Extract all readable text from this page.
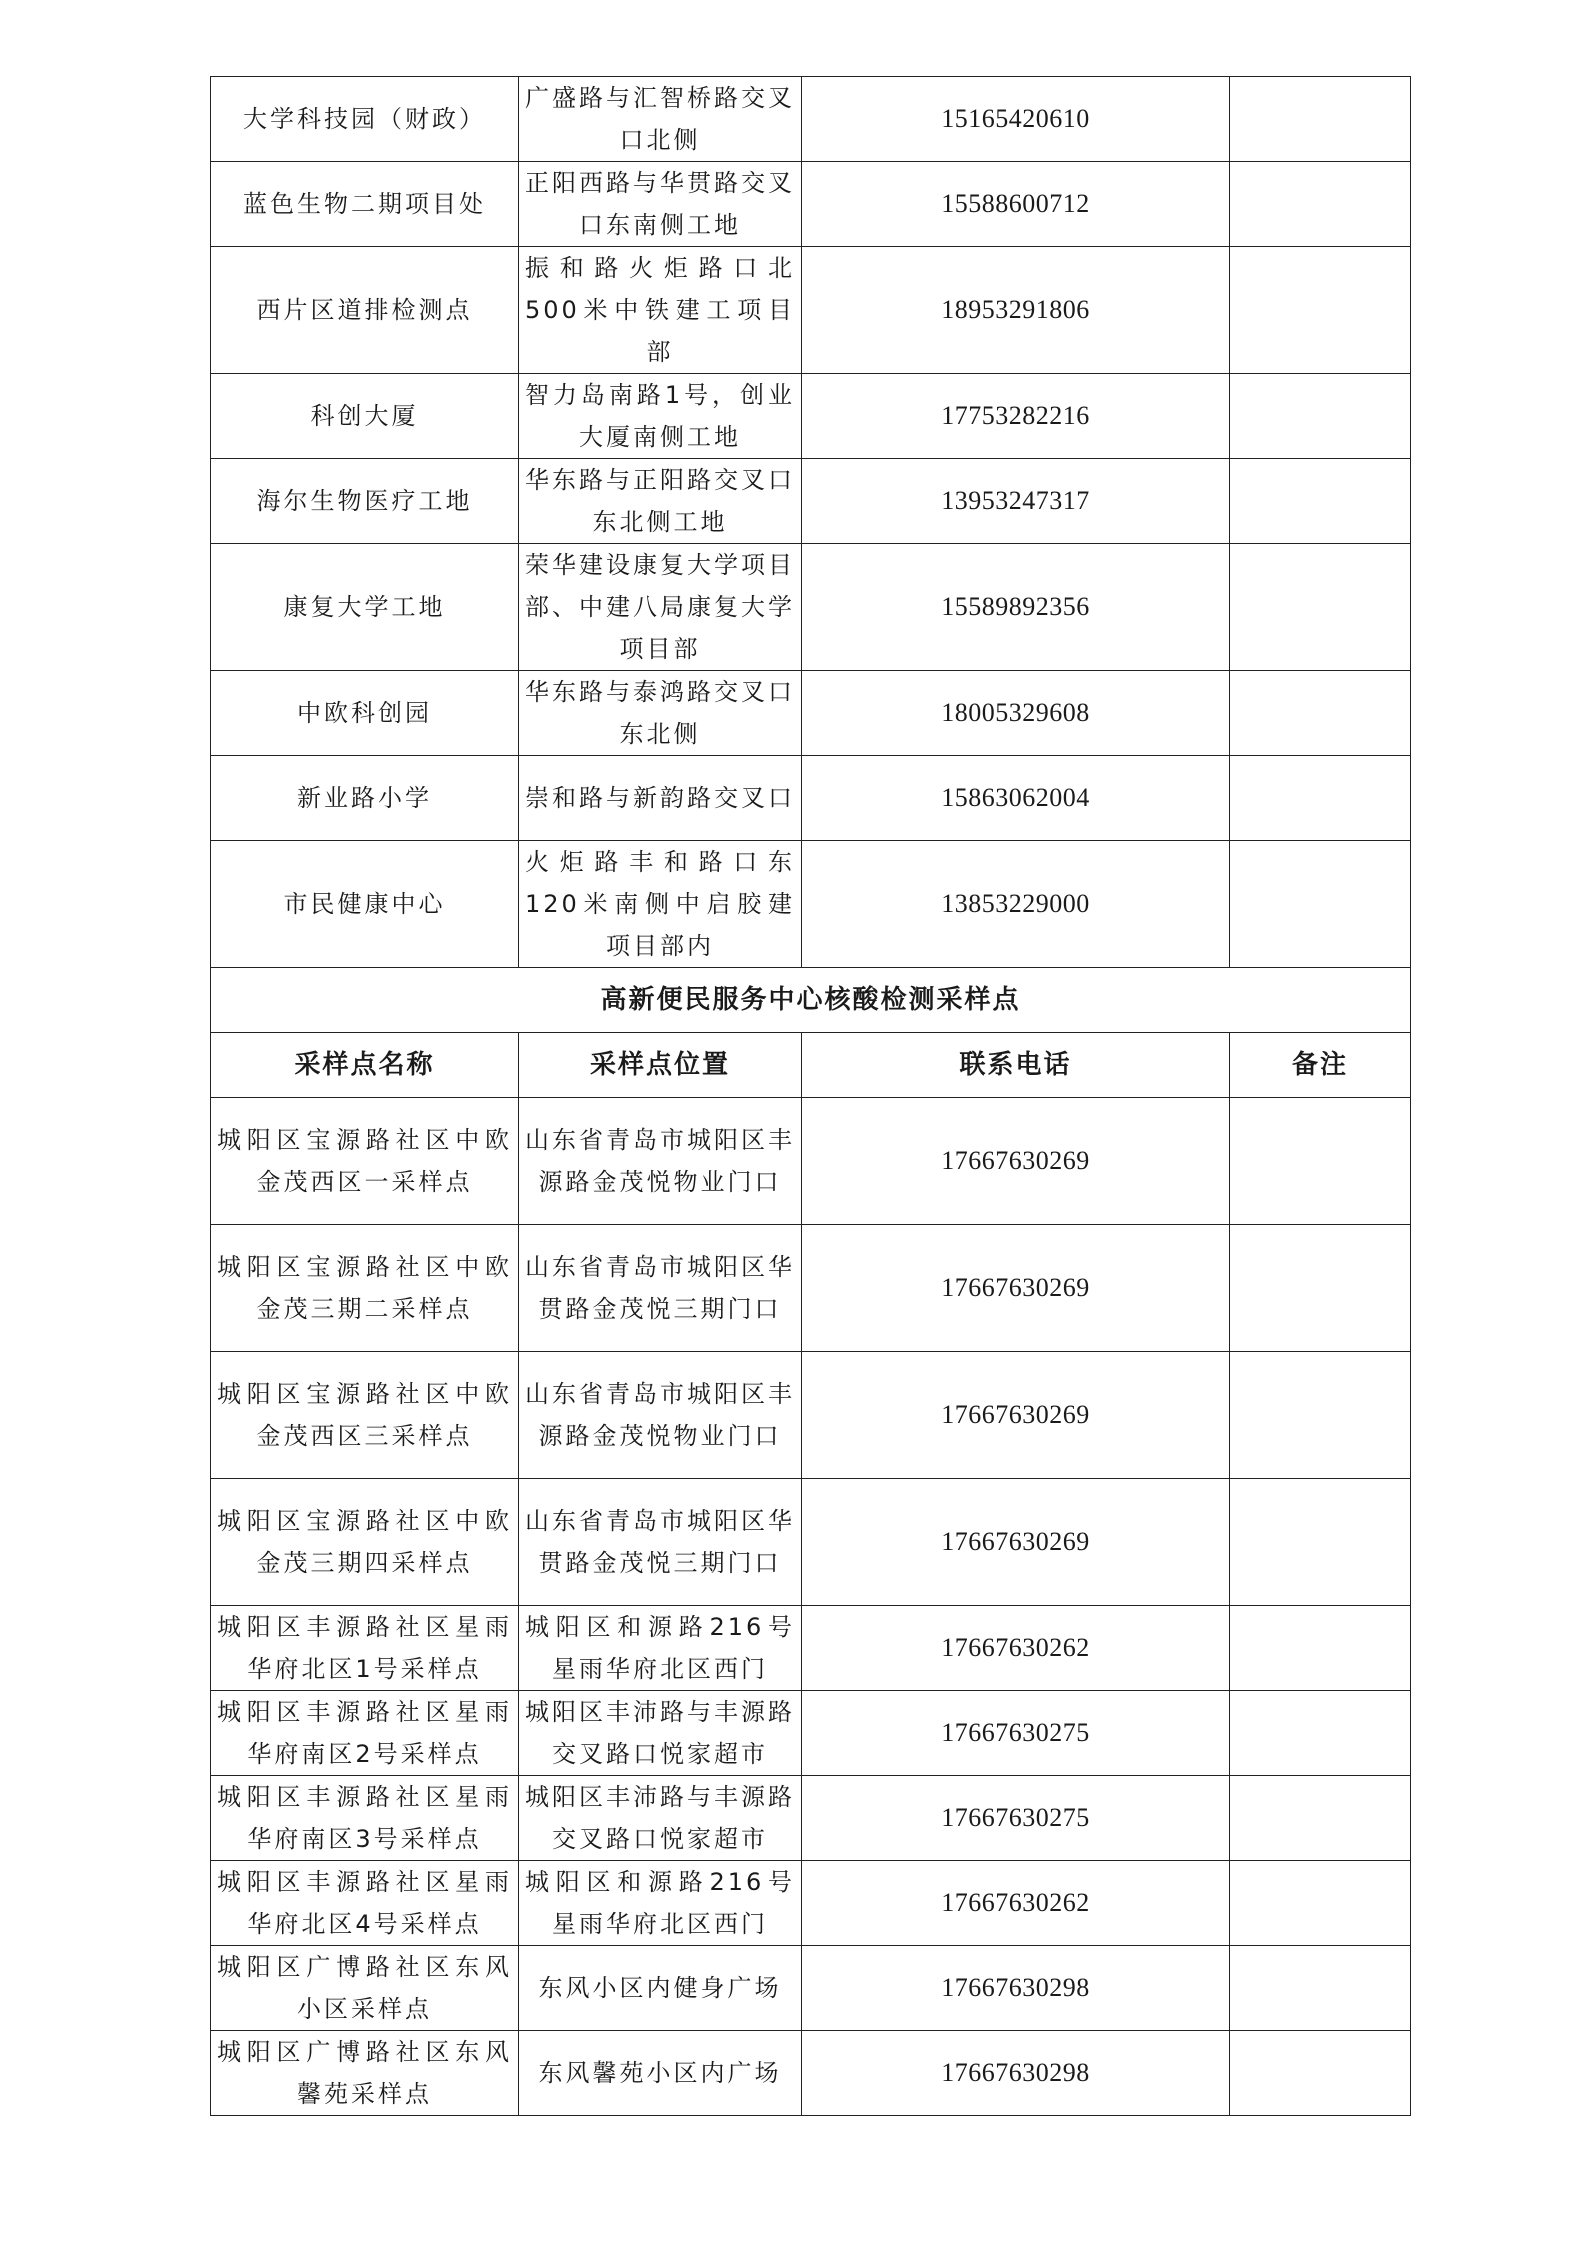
大学科技园（财政）	广盛路与汇智桥路交叉口北侧	15165420610	
蓝色生物二期项目处	正阳西路与华贯路交叉口东南侧工地	15588600712	
西片区道排检测点	振和路火炬路口北500米中铁建工项目部	18953291806	
科创大厦	智力岛南路1号，创业大厦南侧工地	17753282216	
海尔生物医疗工地	华东路与正阳路交叉口东北侧工地	13953247317	
康复大学工地	荣华建设康复大学项目部、中建八局康复大学项目部	15589892356	
中欧科创园	华东路与泰鸿路交叉口东北侧	18005329608	
新业路小学	崇和路与新韵路交叉口	15863062004	
市民健康中心	火炬路丰和路口东120米南侧中启胶建项目部内	13853229000	
高新便民服务中心核酸检测采样点			
采样点名称	采样点位置	联系电话	备注
城阳区宝源路社区中欧金茂西区一采样点	山东省青岛市城阳区丰源路金茂悦物业门口	17667630269	
城阳区宝源路社区中欧金茂三期二采样点	山东省青岛市城阳区华贯路金茂悦三期门口	17667630269	
城阳区宝源路社区中欧金茂西区三采样点	山东省青岛市城阳区丰源路金茂悦物业门口	17667630269	
城阳区宝源路社区中欧金茂三期四采样点	山东省青岛市城阳区华贯路金茂悦三期门口	17667630269	
城阳区丰源路社区星雨华府北区1号采样点	城阳区和源路216号星雨华府北区西门	17667630262	
城阳区丰源路社区星雨华府南区2号采样点	城阳区丰沛路与丰源路交叉路口悦家超市	17667630275	
城阳区丰源路社区星雨华府南区3号采样点	城阳区丰沛路与丰源路交叉路口悦家超市	17667630275	
城阳区丰源路社区星雨华府北区4号采样点	城阳区和源路216号星雨华府北区西门	17667630262	
城阳区广博路社区东风小区采样点	东风小区内健身广场	17667630298	
城阳区广博路社区东风馨苑采样点	东风馨苑小区内广场	17667630298	
